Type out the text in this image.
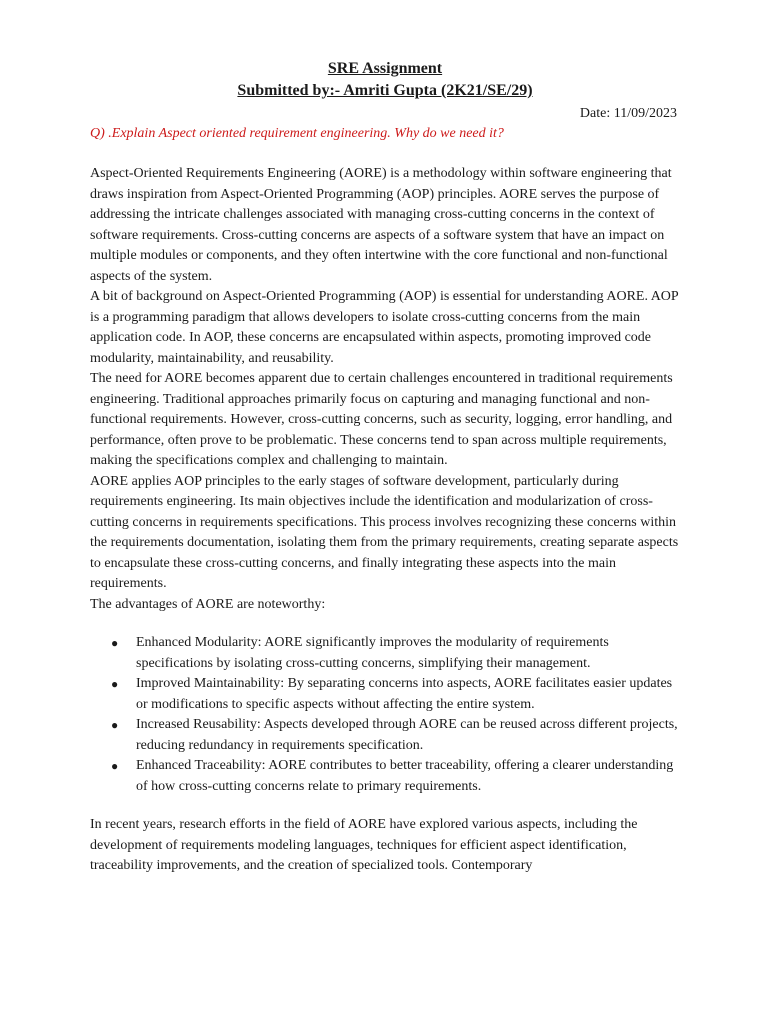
SRE Assignment

Submitted by:- Amriti Gupta (2K21/SE/29)

Date: 11/09/2023
Q) .Explain Aspect oriented requirement engineering. Why do we need it?

Aspect-Oriented Requirements Engineering (AORE) is a methodology within software engineering that draws inspiration from Aspect-Oriented Programming (AOP) principles. AORE serves the purpose of addressing the intricate challenges associated with managing cross-cutting concerns in the context of software requirements. Cross-cutting concerns are aspects of a software system that have an impact on multiple modules or components, and they often intertwine with the core functional and non-functional aspects of the system.

A bit of background on Aspect-Oriented Programming (AOP) is essential for understanding AORE. AOP is a programming paradigm that allows developers to isolate cross-cutting concerns from the main application code. In AOP, these concerns are encapsulated within aspects, promoting improved code modularity, maintainability, and reusability.

The need for AORE becomes apparent due to certain challenges encountered in traditional requirements engineering. Traditional approaches primarily focus on capturing and managing functional and non-functional requirements. However, cross-cutting concerns, such as security, logging, error handling, and performance, often prove to be problematic. These concerns tend to span across multiple requirements, making the specifications complex and challenging to maintain.

AORE applies AOP principles to the early stages of software development, particularly during requirements engineering. Its main objectives include the identification and modularization of cross-cutting concerns in requirements specifications. This process involves recognizing these concerns within the requirements documentation, isolating them from the primary requirements, creating separate aspects to encapsulate these cross-cutting concerns, and finally integrating these aspects into the main requirements.

The advantages of AORE are noteworthy:

● Enhanced Modularity: AORE significantly improves the modularity of requirements specifications by isolating cross-cutting concerns, simplifying their management.
● Improved Maintainability: By separating concerns into aspects, AORE facilitates easier updates or modifications to specific aspects without affecting the entire system.
● Increased Reusability: Aspects developed through AORE can be reused across different projects, reducing redundancy in requirements specification.
● Enhanced Traceability: AORE contributes to better traceability, offering a clearer understanding of how cross-cutting concerns relate to primary requirements.

In recent years, research efforts in the field of AORE have explored various aspects, including the development of requirements modeling languages, techniques for efficient aspect identification, traceability improvements, and the creation of specialized tools. Contemporary
